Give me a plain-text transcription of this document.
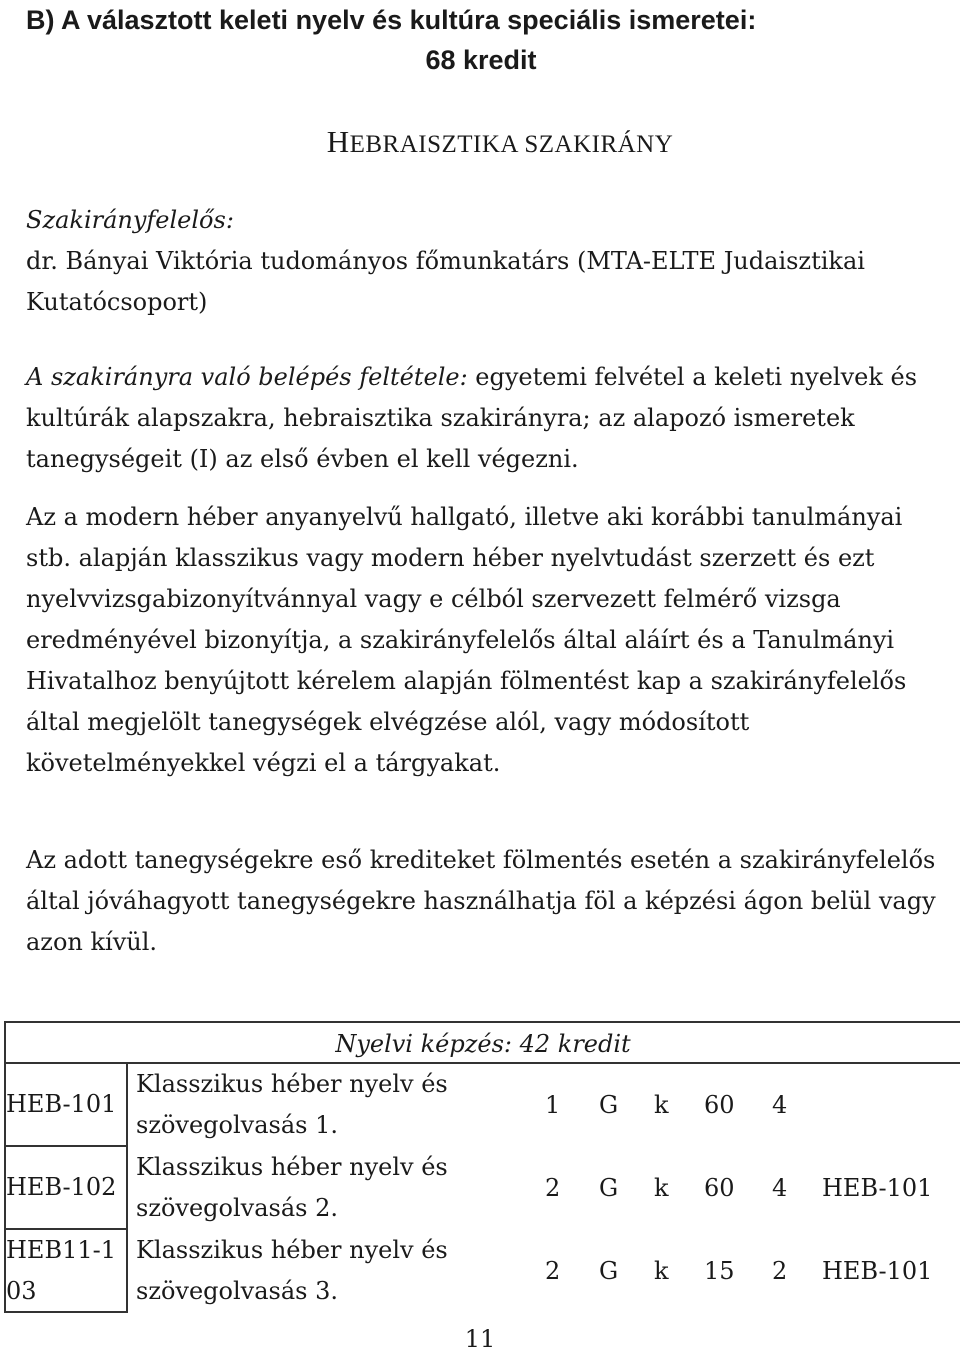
B) A választott keleti nyelv és kultúra speciális ismeretei:
68 kredit
HEBRAISZTIKA SZAKIRÁNY

Szakirányfelelős:
dr. Bányai Viktória tudományos főmunkatárs (MTA-ELTE Judaisztikai Kutatócsoport)

A szakirányra való belépés feltétele: egyetemi felvétel a keleti nyelvek és kultúrák alapszakra, hebraisztika szakirányra; az alapozó ismeretek tanegységeit (I) az első évben el kell végezni.

Az a modern héber anyanyelvű hallgató, illetve aki korábbi tanulmányai stb. alapján klasszikus vagy modern héber nyelvtudást szerzett és ezt nyelvvizsgabizonyítvánnyal vagy e célból szervezett felmérő vizsga eredményével bizonyítja, a szakirányfelelős által aláírt és a Tanulmányi Hivatalhoz benyújtott kérelem alapján fölmentést kap a szakirányfelelős által megjelölt tanegységek elvégzése alól, vagy módosított követelményekkel végzi el a tárgyakat.

Az adott tanegységekre eső krediteket fölmentés esetén a szakirányfelelős által jóváhagyott tanegységekre használhatja föl a képzési ágon belül vagy azon kívül.

Nyelvi képzés: 42 kredit
HEB-101
Klasszikus héber nyelv és szövegolvasás 1.
1 G k 60 4
HEB-102
Klasszikus héber nyelv és szövegolvasás 2.
2 G k 60 4 HEB-101
HEB11-103
Klasszikus héber nyelv és szövegolvasás 3.
2 G k 15 2 HEB-101
11
